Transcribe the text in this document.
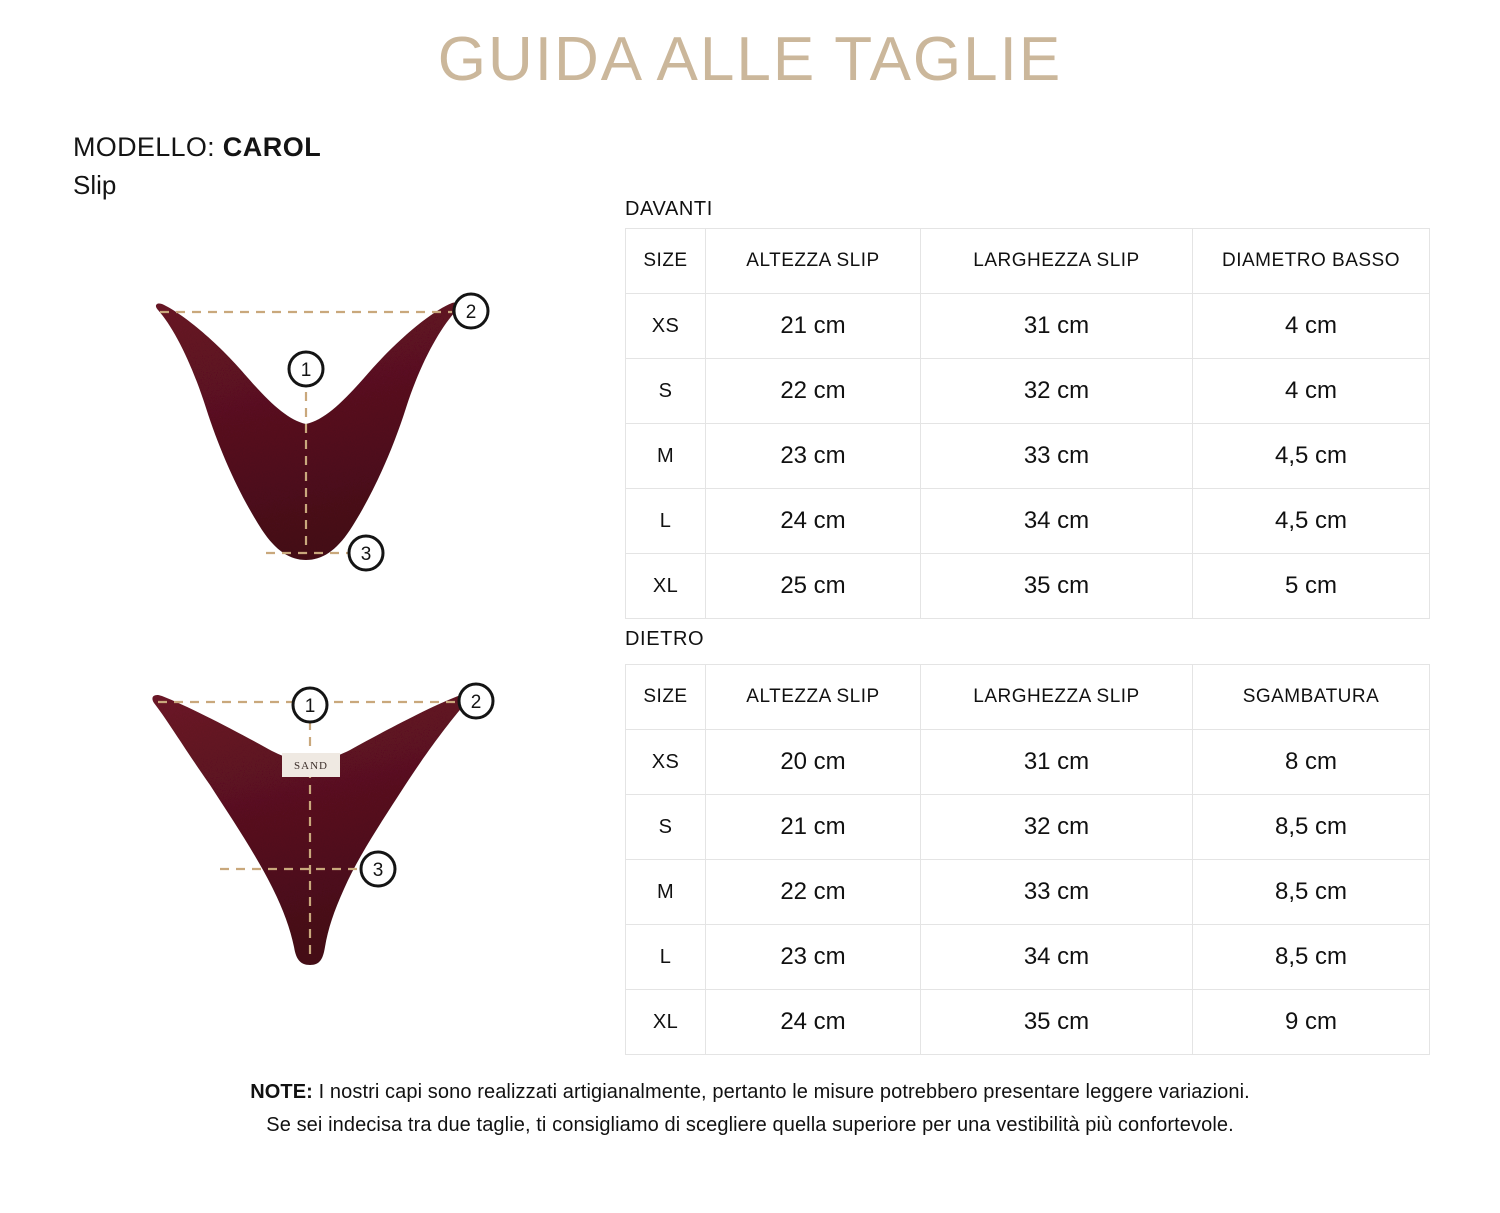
GUIDA ALLE TAGLIE
MODELLO: CAROL
Slip
1
2
3
SAND
1	2
3
DAVANTI
SIZE	ALTEZZA SLIP	LARGHEZZA SLIP	DIAMETRO BASSO
XS	21 cm	31 cm	4 cm
S	22 cm	32 cm	4 cm
M	23 cm	33 cm	4,5 cm
L	24 cm	34 cm	4,5 cm
XL	25 cm	35 cm	5 cm
DIETRO
SIZE	ALTEZZA SLIP	LARGHEZZA SLIP	SGAMBATURA
XS	20 cm	31 cm	8 cm
S	21 cm	32 cm	8,5 cm
M	22 cm	33 cm	8,5 cm
L	23 cm	34 cm	8,5 cm
XL	24 cm	35 cm	9 cm
NOTE: I nostri capi sono realizzati artigianalmente, pertanto le misure potrebbero presentare leggere variazioni.
Se sei indecisa tra due taglie, ti consigliamo di scegliere quella superiore per una vestibilità più confortevole.
